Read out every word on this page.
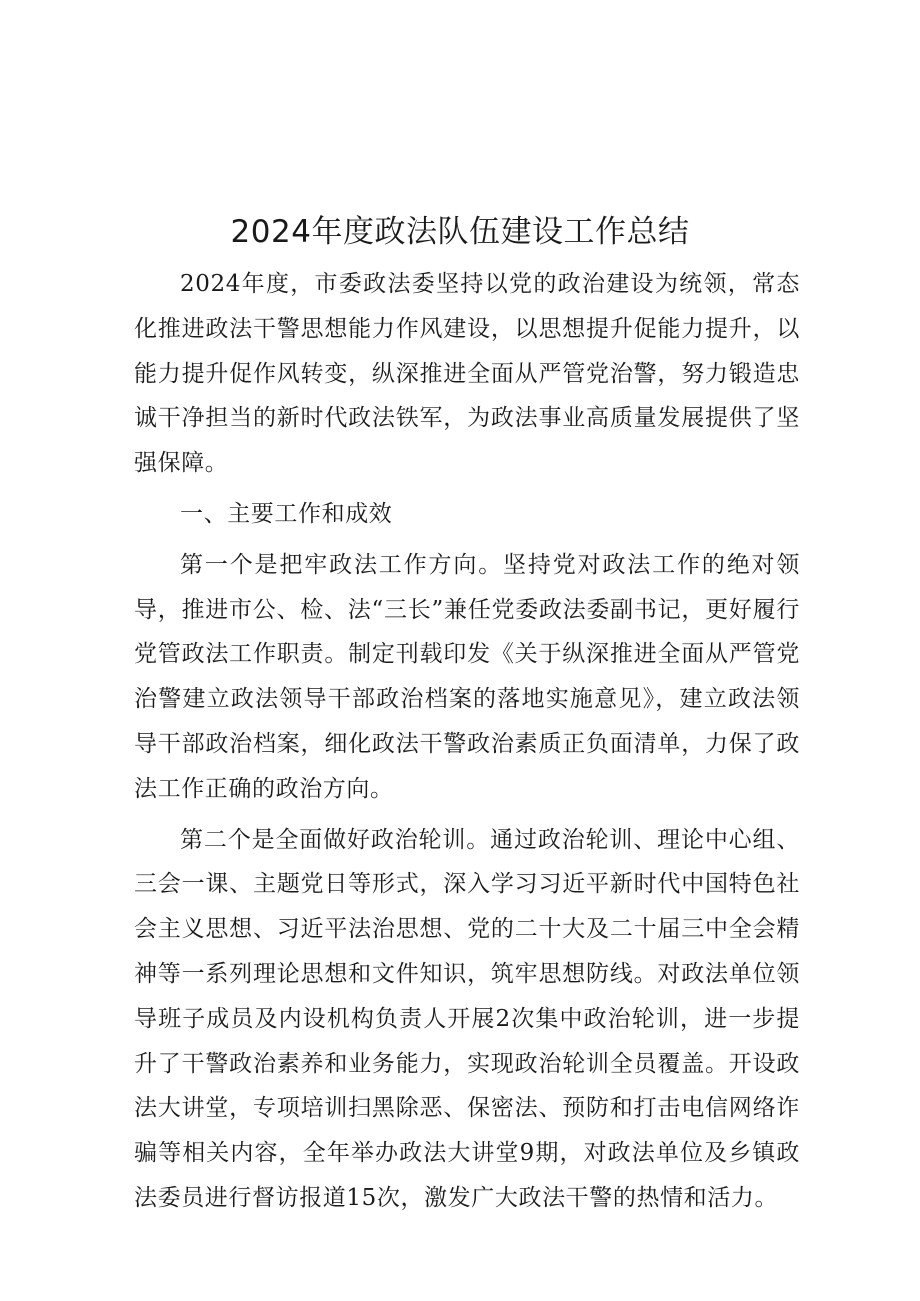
2024年度政法队伍建设工作总结

2024年度，市委政法委坚持以党的政治建设为统领，常态化推进政法干警思想能力作风建设，以思想提升促能力提升，以能力提升促作风转变，纵深推进全面从严管党治警，努力锻造忠诚干净担当的新时代政法铁军，为政法事业高质量发展提供了坚强保障。

一、主要工作和成效

第一个是把牢政法工作方向。坚持党对政法工作的绝对领导，推进市公、检、法“三长”兼任党委政法委副书记，更好履行党管政法工作职责。制定刊载印发《关于纵深推进全面从严管党治警建立政法领导干部政治档案的落地实施意见》，建立政法领导干部政治档案，细化政法干警政治素质正负面清单，力保了政法工作正确的政治方向。

第二个是全面做好政治轮训。通过政治轮训、理论中心组、三会一课、主题党日等形式，深入学习习近平新时代中国特色社会主义思想、习近平法治思想、党的二十大及二十届三中全会精神等一系列理论思想和文件知识，筑牢思想防线。对政法单位领导班子成员及内设机构负责人开展2次集中政治轮训，进一步提升了干警政治素养和业务能力，实现政治轮训全员覆盖。开设政法大讲堂，专项培训扫黑除恶、保密法、预防和打击电信网络诈骗等相关内容，全年举办政法大讲堂9期，对政法单位及乡镇政法委员进行督访报道15次，激发广大政法干警的热情和活力。
